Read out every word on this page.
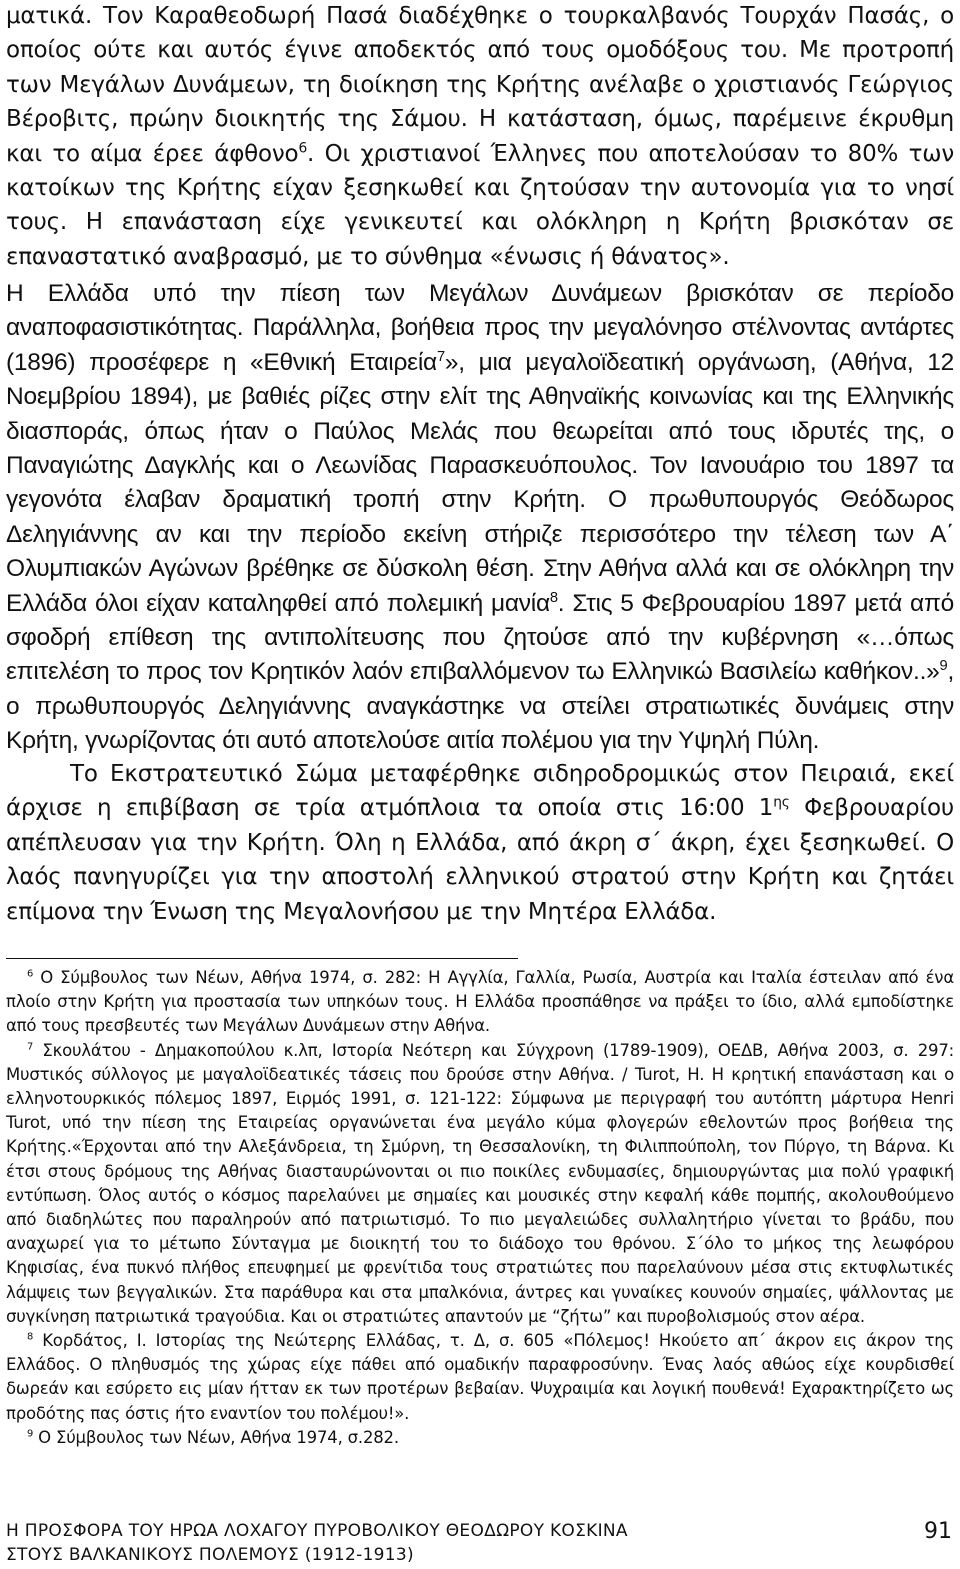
ματικά. Τον Καραθεοδωρή Πασά διαδέχθηκε ο τουρκαλβανός Τουρχάν Πασάς, ο οποίος ούτε και αυτός έγινε αποδεκτός από τους ομοδόξους του. Με προτροπή των Μεγάλων Δυνάμεων, τη διοίκηση της Κρήτης ανέλαβε ο χριστιανός Γεώργιος Βέροβιτς, πρώην διοικητής της Σάμου. Η κατάσταση, όμως, παρέμεινε έκρυθμη και το αίμα έρεε άφθονο$^6$. Οι χριστιανοί Έλληνες που αποτελούσαν το 80% των κατοίκων της Κρήτης είχαν ξεσηκωθεί και ζητούσαν την αυτονομία για το νησί τους. Η επανάσταση είχε γενικευτεί και ολόκληρη η Κρήτη βρισκόταν σε επαναστατικό αναβρασμό, με το σύνθημα «ένωσις ή θάνατος».

Η Ελλάδα υπό την πίεση των Μεγάλων Δυνάμεων βρισκόταν σε περίοδο αναποφασιστικότητας. Παράλληλα, βοήθεια προς την μεγαλόνησο στέλνοντας αντάρτες (1896) προσέφερε η «Εθνική Εταιρεία$^7$», μια μεγαλοϊδεατική οργάνωση, (Αθήνα, 12 Νοεμβρίου 1894), με βαθιές ρίζες στην ελίτ της Αθηναϊκής κοινωνίας και της Ελληνικής διασποράς, όπως ήταν ο Παύλος Μελάς που θεωρείται από τους ιδρυτές της, ο Παναγιώτης Δαγκλής και ο Λεωνίδας Παρασκευόπουλος. Τον Ιανουάριο του 1897 τα γεγονότα έλαβαν δραματική τροπή στην Κρήτη. Ο πρωθυπουργός Θεόδωρος Δεληγιάννης αν και την περίοδο εκείνη στήριζε περισσότερο την τέλεση των Α΄ Ολυμπιακών Αγώνων βρέθηκε σε δύσκολη θέση. Στην Αθήνα αλλά και σε ολόκληρη την Ελλάδα όλοι είχαν καταληφθεί από πολεμική μανία$^8$. Στις 5 Φεβρουαρίου 1897 μετά από σφοδρή επίθεση της αντιπολίτευσης που ζητούσε από την κυβέρνηση «…όπως επιτελέση το προς τον Κρητικόν λαόν επιβαλλόμενον τω Ελληνικώ Βασιλείω καθήκον..»$^9$, ο πρωθυπουργός Δεληγιάννης αναγκάστηκε να στείλει στρατιωτικές δυνάμεις στην Κρήτη, γνωρίζοντας ότι αυτό αποτελούσε αιτία πολέμου για την Υψηλή Πύλη.

Το Εκστρατευτικό Σώμα μεταφέρθηκε σιδηροδρομικώς στον Πειραιά, εκεί άρχισε η επιβίβαση σε τρία ατμόπλοια τα οποία στις 16:00 $1^{\eta\varsigma}$ Φεβρουαρίου απέπλευσαν για την Κρήτη. Όλη η Ελλάδα, από άκρη σ΄ άκρη, έχει ξεσηκωθεί. Ο λαός πανηγυρίζει για την αποστολή ελληνικού στρατού στην Κρήτη και ζητάει επίμονα την Ένωση της Μεγαλονήσου με την Μητέρα Ελλάδα.

$^6$ Ο Σύμβουλος των Νέων, Αθήνα 1974, σ. 282: Η Αγγλία, Γαλλία, Ρωσία, Αυστρία και Ιταλία έστειλαν από ένα πλοίο στην Κρήτη για προστασία των υπηκόων τους. Η Ελλάδα προσπάθησε να πράξει το ίδιο, αλλά εμποδίστηκε από τους πρεσβευτές των Μεγάλων Δυνάμεων στην Αθήνα.

$^7$ Σκουλάτου - Δημακοπούλου κ.λπ, Ιστορία Νεότερη και Σύγχρονη (1789-1909), ΟΕΔΒ, Αθήνα 2003, σ. 297: Μυστικός σύλλογος με μαγαλοϊδεατικές τάσεις που δρούσε στην Αθήνα. / Turot, H. Η κρητική επανάσταση και ο ελληνοτουρκικός πόλεμος 1897, Ειρμός 1991, σ. 121-122: Σύμφωνα με περιγραφή του αυτόπτη μάρτυρα Henri Turot, υπό την πίεση της Εταιρείας οργανώνεται ένα μεγάλο κύμα φλογερών εθελοντών προς βοήθεια της Κρήτης.«Έρχονται από την Αλεξάνδρεια, τη Σμύρνη, τη Θεσσαλονίκη, τη Φιλιππούπολη, τον Πύργο, τη Βάρνα. Κι έτσι στους δρόμους της Αθήνας διασταυρώνονται οι πιο ποικίλες ενδυμασίες, δημιουργώντας μια πολύ γραφική εντύπωση. Όλος αυτός ο κόσμος παρελαύνει με σημαίες και μουσικές στην κεφαλή κάθε πομπής, ακολουθούμενο από διαδηλώτες που παραληρούν από πατριωτισμό. Το πιο μεγαλειώδες συλλαλητήριο γίνεται το βράδυ, που αναχωρεί για το μέτωπο Σύνταγμα με διοικητή του το διάδοχο του θρόνου. Σ΄όλο το μήκος της λεωφόρου Κηφισίας, ένα πυκνό πλήθος επευφημεί με φρενίτιδα τους στρατιώτες που παρελαύνουν μέσα στις εκτυφλωτικές λάμψεις των βεγγαλικών. Στα παράθυρα και στα μπαλκόνια, άντρες και γυναίκες κουνούν σημαίες, ψάλλοντας με συγκίνηση πατριωτικά τραγούδια. Και οι στρατιώτες απαντούν με “ζήτω” και πυροβολισμούς στον αέρα.

$^8$ Κορδάτος, Ι. Ιστορίας της Νεώτερης Ελλάδας, τ. Δ, σ. 605 «Πόλεμος! Ηκούετο απ΄ άκρον εις άκρον της Ελλάδος. Ο πληθυσμός της χώρας είχε πάθει από ομαδικήν παραφροσύνην. Ένας λαός αθώος είχε κουρδισθεί δωρεάν και εσύρετο εις μίαν ήτταν εκ των προτέρων βεβαίαν. Ψυχραιμία και λογική πουθενά! Εχαρακτηρίζετο ως προδότης πας όστις ήτο εναντίον του πολέμου!».

$^9$ Ο Σύμβουλος των Νέων, Αθήνα 1974, σ.282.

Η ΠΡΟΣΦΟΡΑ ΤΟΥ ΗΡΩΑ ΛΟΧΑΓΟΥ ΠΥΡΟΒΟΛΙΚΟΥ ΘΕΟΔΩΡΟΥ ΚΟΣΚΙΝΑ
ΣΤΟΥΣ ΒΑΛΚΑΝΙΚΟΥΣ ΠΟΛΕΜΟΥΣ (1912-1913)
91
